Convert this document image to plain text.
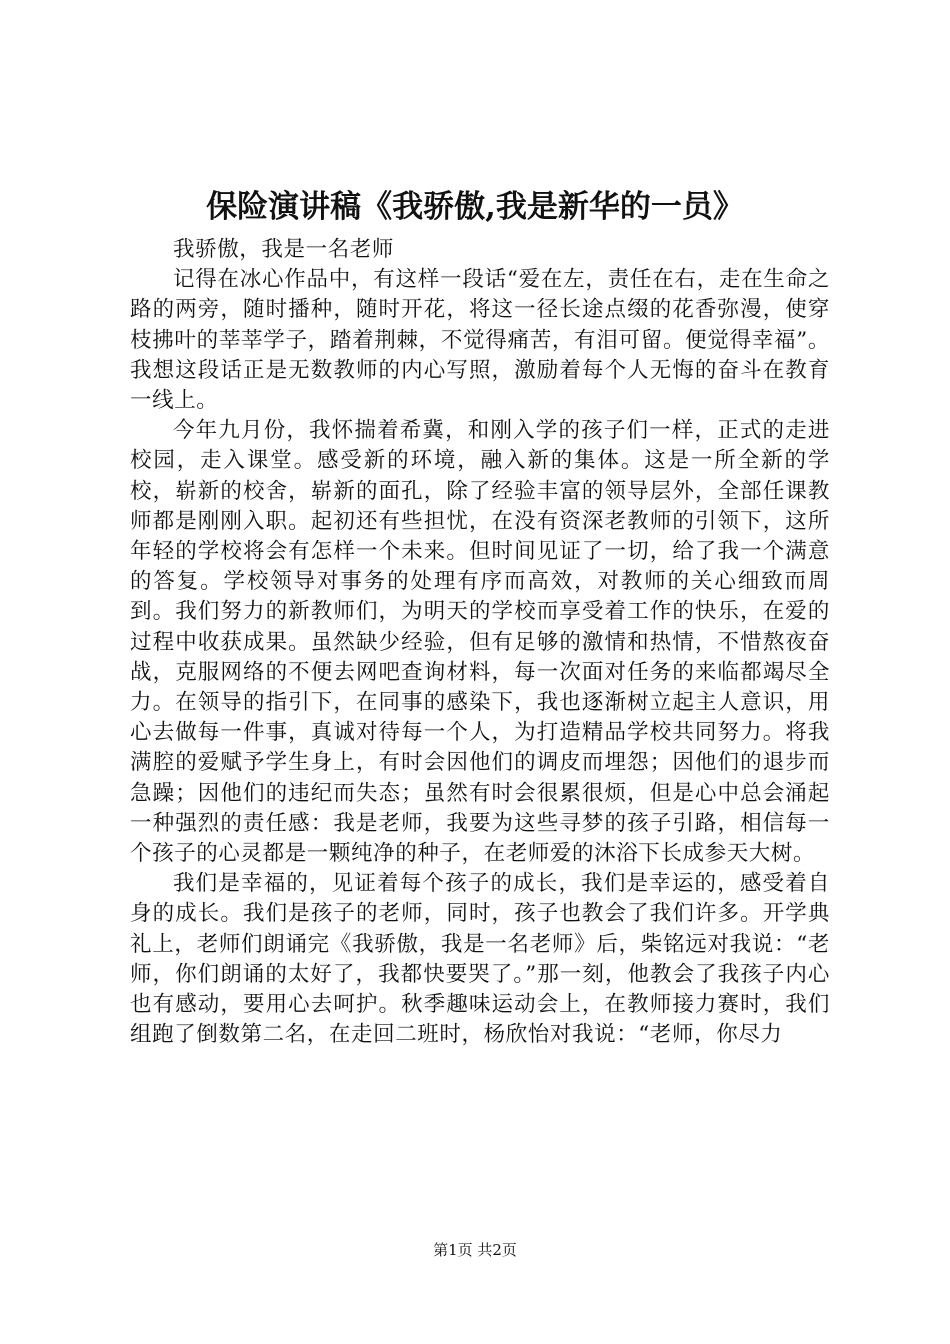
保险演讲稿《我骄傲,我是新华的一员》

我骄傲，我是一名老师

记得在冰心作品中，有这样一段话“爱在左，责任在右，走在生命之路的两旁，随时播种，随时开花，将这一径长途点缀的花香弥漫，使穿枝拂叶的莘莘学子，踏着荆棘，不觉得痛苦，有泪可留。便觉得幸福”。我想这段话正是无数教师的内心写照，激励着每个人无悔的奋斗在教育一线上。

今年九月份，我怀揣着希冀，和刚入学的孩子们一样，正式的走进校园，走入课堂。感受新的环境，融入新的集体。这是一所全新的学校，崭新的校舍，崭新的面孔，除了经验丰富的领导层外，全部任课教师都是刚刚入职。起初还有些担忧，在没有资深老教师的引领下，这所年轻的学校将会有怎样一个未来。但时间见证了一切，给了我一个满意的答复。学校领导对事务的处理有序而高效，对教师的关心细致而周到。我们努力的新教师们，为明天的学校而享受着工作的快乐，在爱的过程中收获成果。虽然缺少经验，但有足够的激情和热情，不惜熬夜奋战，克服网络的不便去网吧查询材料，每一次面对任务的来临都竭尽全力。在领导的指引下，在同事的感染下，我也逐渐树立起主人意识，用心去做每一件事，真诚对待每一个人，为打造精品学校共同努力。将我满腔的爱赋予学生身上，有时会因他们的调皮而埋怨；因他们的退步而急躁；因他们的违纪而失态；虽然有时会很累很烦，但是心中总会涌起一种强烈的责任感：我是老师，我要为这些寻梦的孩子引路，相信每一个孩子的心灵都是一颗纯净的种子，在老师爱的沐浴下长成参天大树。

我们是幸福的，见证着每个孩子的成长，我们是幸运的，感受着自身的成长。我们是孩子的老师，同时，孩子也教会了我们许多。开学典礼上，老师们朗诵完《我骄傲，我是一名老师》后，柴铭远对我说：“老师，你们朗诵的太好了，我都快要哭了。”那一刻，他教会了我孩子内心也有感动，要用心去呵护。秋季趣味运动会上，在教师接力赛时，我们组跑了倒数第二名，在走回二班时，杨欣怡对我说：“老师，你尽力

第1页 共2页
